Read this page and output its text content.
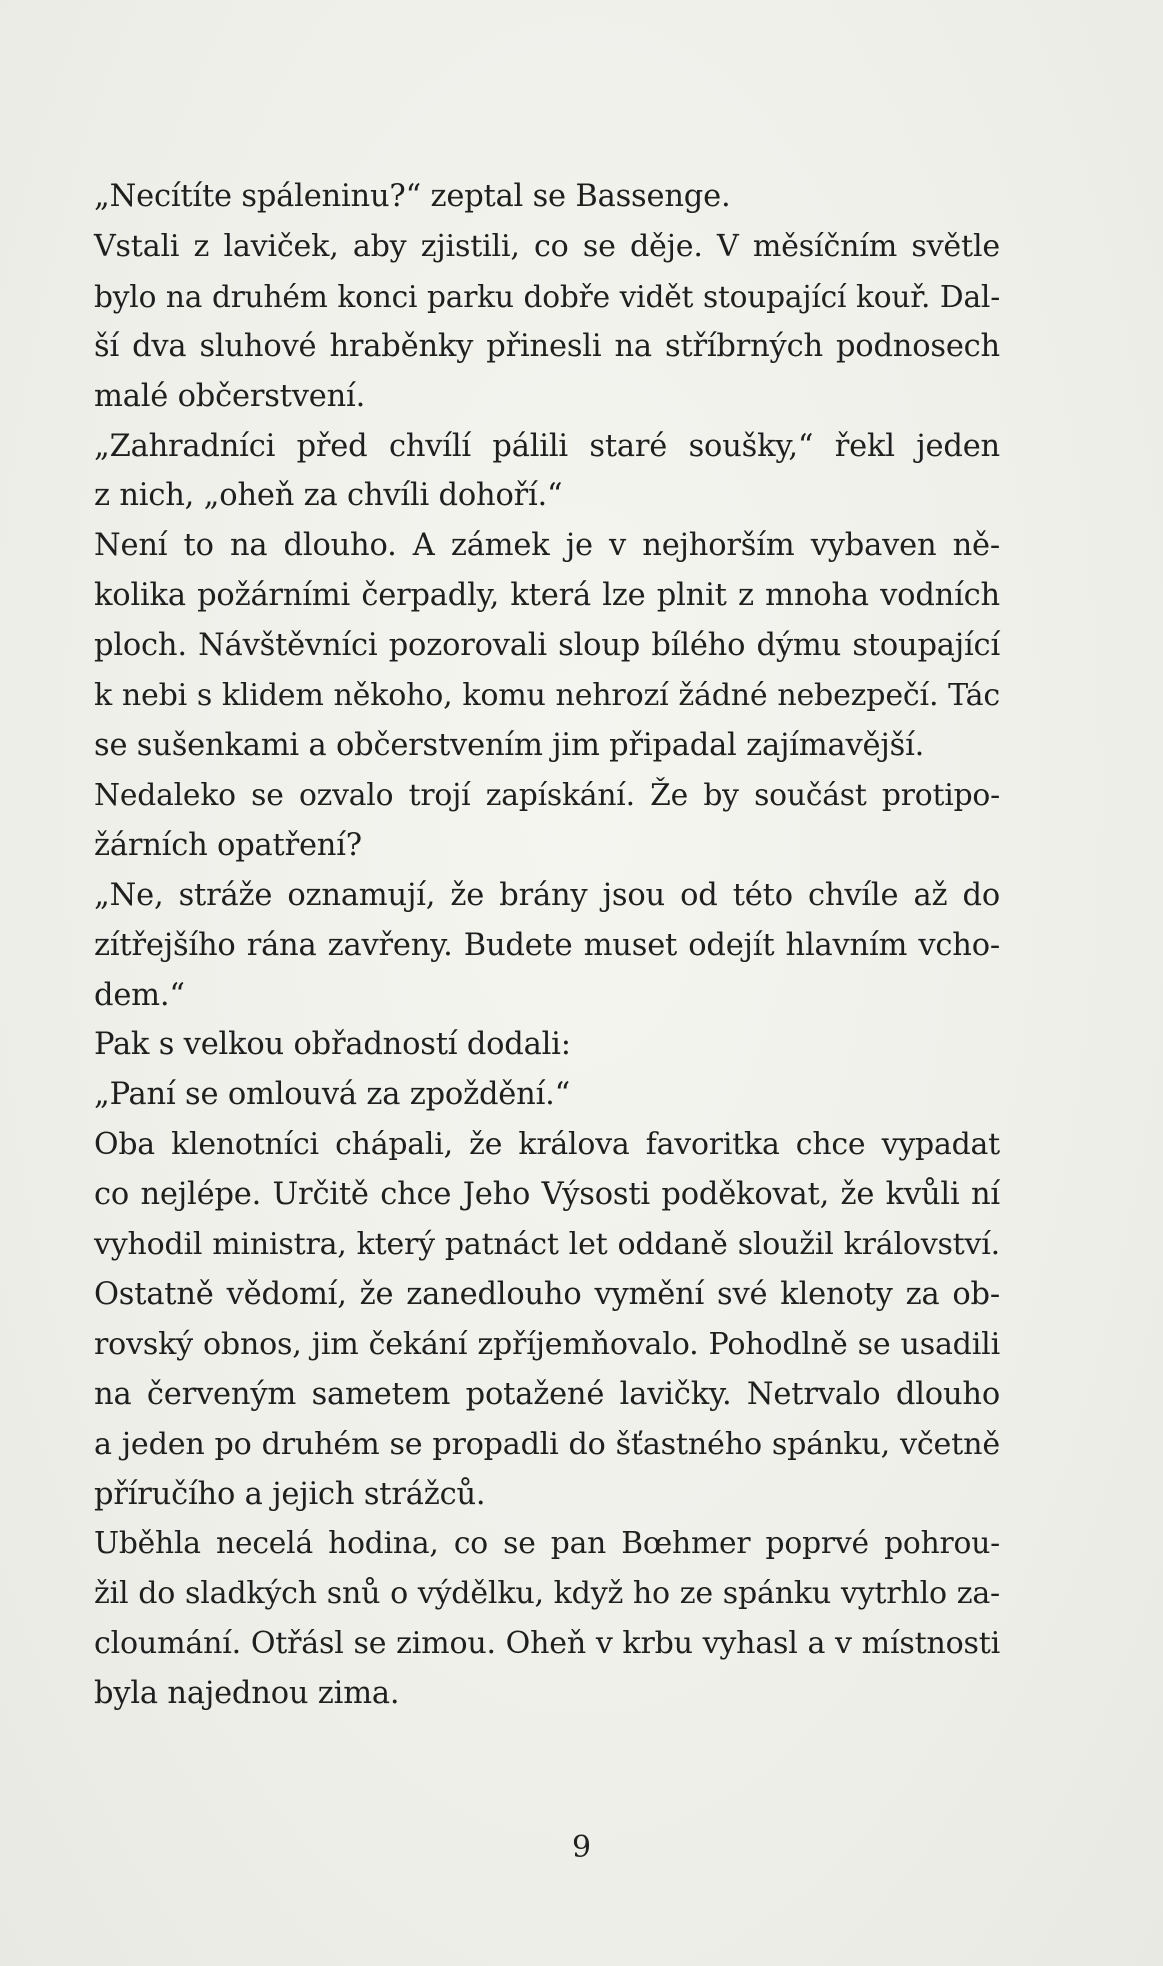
„Necítíte spáleninu?“ zeptal se Bassenge.

Vstali z laviček, aby zjistili, co se děje. V měsíčním světle
bylo na druhém konci parku dobře vidět stoupající kouř. Dal-
ší dva sluhové hraběnky přinesli na stříbrných podnosech
malé občerstvení.

„Zahradníci před chvílí pálili staré soušky,“ řekl jeden
z nich, „oheň za chvíli dohoří.“

Není to na dlouho. A zámek je v nejhorším vybaven ně-
kolika požárními čerpadly, která lze plnit z mnoha vodních
ploch. Návštěvníci pozorovali sloup bílého dýmu stoupající
k nebi s klidem někoho, komu nehrozí žádné nebezpečí. Tác
se sušenkami a občerstvením jim připadal zajímavější.

Nedaleko se ozvalo trojí zapískání. Že by součást protipo-
žárních opatření?

„Ne, stráže oznamují, že brány jsou od této chvíle až do
zítřejšího rána zavřeny. Budete muset odejít hlavním vcho-
dem.“

Pak s velkou obřadností dodali:

„Paní se omlouvá za zpoždění.“

Oba klenotníci chápali, že králova favoritka chce vypadat
co nejlépe. Určitě chce Jeho Výsosti poděkovat, že kvůli ní
vyhodil ministra, který patnáct let oddaně sloužil království.
Ostatně vědomí, že zanedlouho vymění své klenoty za ob-
rovský obnos, jim čekání zpříjemňovalo. Pohodlně se usadili
na červeným sametem potažené lavičky. Netrvalo dlouho
a jeden po druhém se propadli do šťastného spánku, včetně
příručího a jejich strážců.

Uběhla necelá hodina, co se pan Bœhmer poprvé pohrou-
žil do sladkých snů o výdělku, když ho ze spánku vytrhlo za-
cloumání. Otřásl se zimou. Oheň v krbu vyhasl a v místnosti
byla najednou zima.

9
